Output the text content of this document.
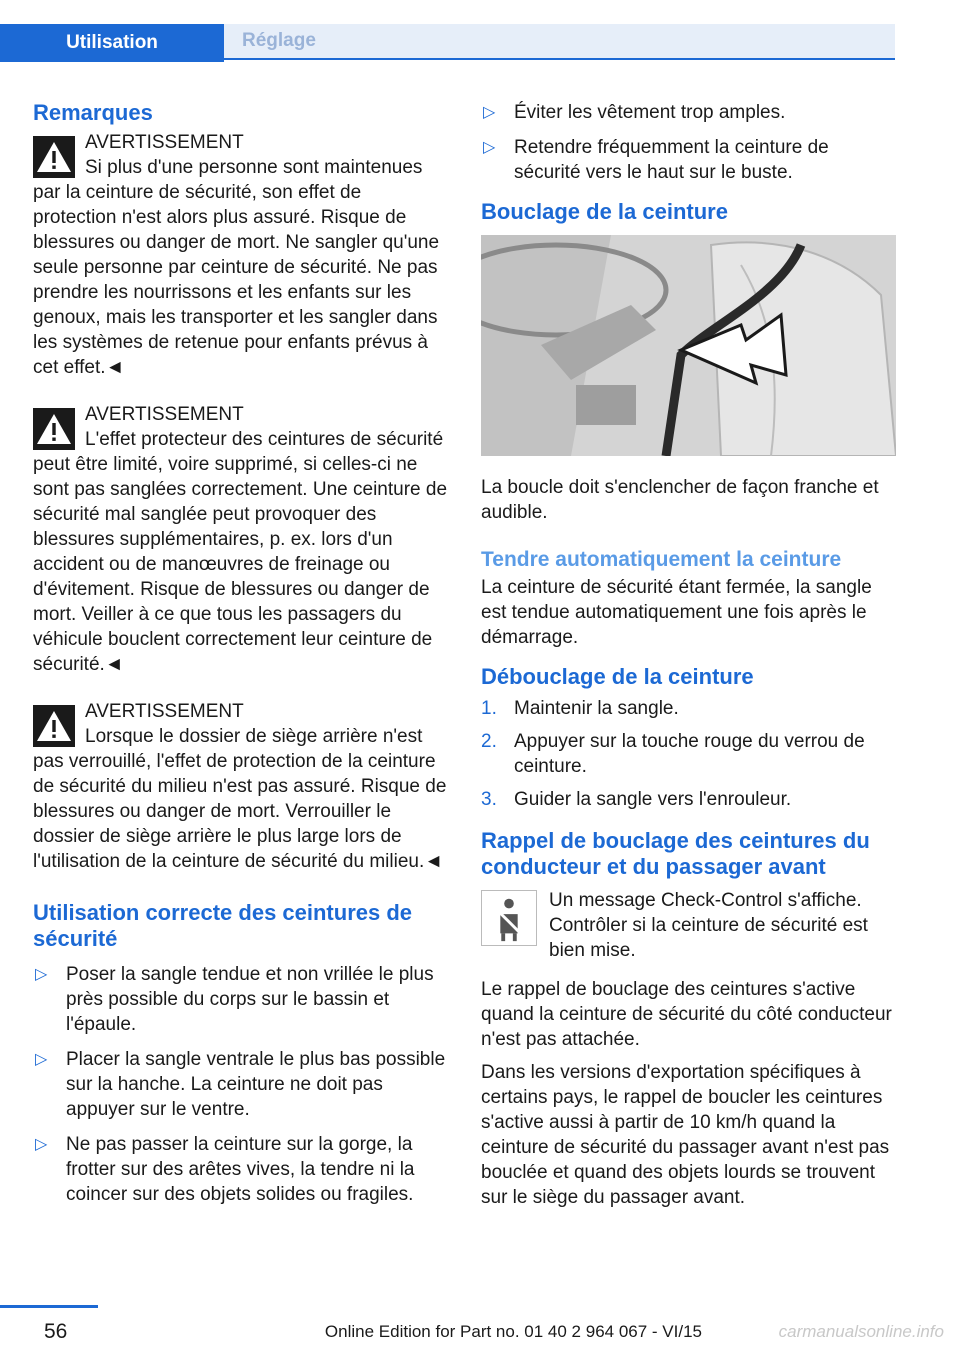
Utilisation	Réglage
Remarques
AVERTISSEMENT

Si plus d'une personne sont maintenues par la ceinture de sécurité, son effet de protection n'est alors plus assuré. Risque de blessures ou danger de mort. Ne sangler qu'une seule personne par ceinture de sécurité. Ne pas prendre les nourrissons et les enfants sur les genoux, mais les transporter et les sangler dans les systèmes de retenue pour enfants prévus à cet effet.◄

AVERTISSEMENT

L'effet protecteur des ceintures de sécurité peut être limité, voire supprimé, si celles-ci ne sont pas sanglées correctement. Une ceinture de sécurité mal sanglée peut provoquer des blessures supplémentaires, p. ex. lors d'un accident ou de manœuvres de freinage ou d'évitement. Risque de blessures ou danger de mort. Veiller à ce que tous les passagers du véhicule bouclent correctement leur ceinture de sécurité.◄

AVERTISSEMENT

Lorsque le dossier de siège arrière n'est pas verrouillé, l'effet de protection de la ceinture de sécurité du milieu n'est pas assuré. Risque de blessures ou danger de mort. Verrouiller le dossier de siège arrière le plus large lors de l'utilisation de la ceinture de sécurité du milieu.◄

Utilisation correcte des ceintures de sécurité
▷ Poser la sangle tendue et non vrillée le plus près possible du corps sur le bassin et l'épaule.
▷ Placer la sangle ventrale le plus bas possible sur la hanche. La ceinture ne doit pas appuyer sur le ventre.
▷ Ne pas passer la ceinture sur la gorge, la frotter sur des arêtes vives, la tendre ni la coincer sur des objets solides ou fragiles.
▷ Éviter les vêtement trop amples.
▷ Retendre fréquemment la ceinture de sécurité vers le haut sur le buste.
Bouclage de la ceinture

La boucle doit s'enclencher de façon franche et audible.

Tendre automatiquement la ceinture

La ceinture de sécurité étant fermée, la sangle est tendue automatiquement une fois après le démarrage.

Débouclage de la ceinture
1. Maintenir la sangle.
2. Appuyer sur la touche rouge du verrou de ceinture.
3. Guider la sangle vers l'enrouleur.
Rappel de bouclage des ceintures du conducteur et du passager avant

Un message Check-Control s'affiche. Contrôler si la ceinture de sécurité est bien mise.

Le rappel de bouclage des ceintures s'active quand la ceinture de sécurité du côté conducteur n'est pas attachée.

Dans les versions d'exportation spécifiques à certains pays, le rappel de boucler les ceintures s'active aussi à partir de 10 km/h quand la ceinture de sécurité du passager avant n'est pas bouclée et quand des objets lourds se trouvent sur le siège du passager avant.

56	Online Edition for Part no. 01 40 2 964 067 - VI/15	carmanualsonline.info
